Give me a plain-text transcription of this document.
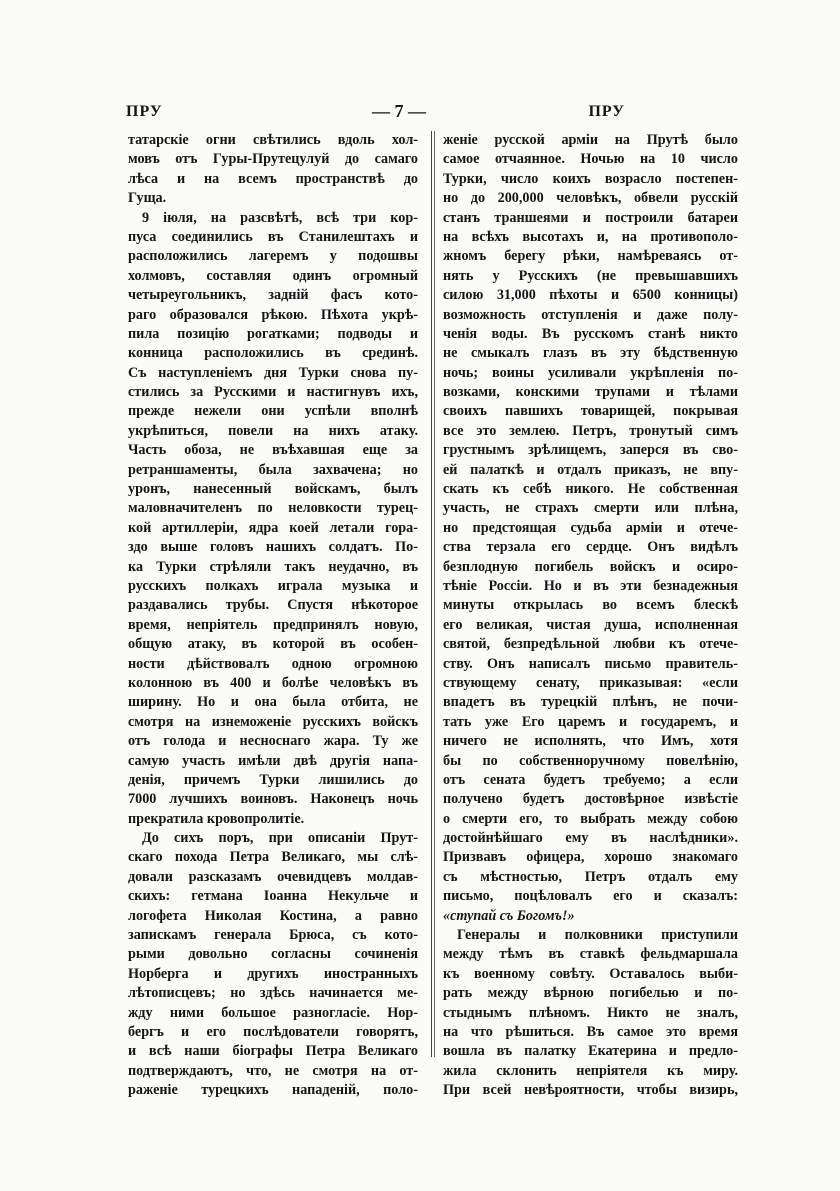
ПРУ	— 7 —	ПРУ
татарскіе огни свѣтились вдоль хол-
мовъ отъ Гуры-Прутецулуй до самаго
лѣса и на всемъ пространствѣ до
Гуща.
9 іюля, на разсвѣтѣ, всѣ три кор-
пуса соединились въ Станилештахъ и
расположились лагеремъ у подошвы
холмовъ, составляя одинъ огромный
четыреугольникъ, задній фасъ кото-
раго образовался рѣкою. Пѣхота укрѣ-
пила позицію рогатками; подводы и
конница расположились въ срединѣ.
Съ наступленіемъ дня Турки снова пу-
стились за Русскими и настигнувъ ихъ,
прежде нежели они успѣли вполнѣ
укрѣпиться, повели на нихъ атаку.
Часть обоза, не въѣхавшая еще за
ретраншаменты, была захвачена; но
уронъ, нанесенный войскамъ, былъ
маловначителенъ по неловкости турец-
кой артиллеріи, ядра коей летали гора-
здо выше головъ нашихъ солдатъ. По-
ка Турки стрѣляли такъ неудачно, въ
русскихъ полкахъ играла музыка и
раздавались трубы. Спустя нѣкоторое
время, непріятель предпринялъ новую,
общую атаку, въ которой въ особен-
ности дѣйствовалъ одною огромною
колонною въ 400 и болѣе человѣкъ въ
ширину. Но и она была отбита, не
смотря на изнеможеніе русскихъ войскъ
отъ голода и несноснаго жара. Ту же
самую участь имѣли двѣ другія напа-
денія, причемъ Турки лишились до
7000 лучшихъ воиновъ. Наконецъ ночь
прекратила кровопролитіе.
До сихъ поръ, при описаніи Прут-
скаго похода Петра Великаго, мы слѣ-
довали разсказамъ очевидцевъ молдав-
скихъ: гетмана Іоанна Некульче и
логофета Николая Костина, а равно
запискамъ генерала Брюса, съ кото-
рыми довольно согласны сочиненія
Норберга и другихъ иностранныхъ
лѣтописцевъ; но здѣсь начинается ме-
жду ними большое разногласіе. Нор-
бергъ и его послѣдователи говорятъ,
и всѣ наши біографы Петра Великаго
подтверждаютъ, что, не смотря на от-
раженіе турецкихъ нападеній, поло-
женіе русской арміи на Прутѣ было
самое отчаянное. Ночью на 10 число
Турки, число коихъ возрасло постепен-
но до 200,000 человѣкъ, обвели русскій
станъ траншеями и построили батареи
на всѣхъ высотахъ и, на противополо-
жномъ берегу рѣки, намѣреваясь от-
нять у Русскихъ (не превышавшихъ
силою 31,000 пѣхоты и 6500 конницы)
возможность отступленія и даже полу-
ченія воды. Въ русскомъ станѣ никто
не смыкалъ глазъ въ эту бѣдственную
ночь; воины усиливали укрѣпленія по-
возками, конскими трупами и тѣлами
своихъ павшихъ товарищей, покрывая
все это землею. Петръ, тронутый симъ
грустнымъ зрѣлищемъ, заперся въ сво-
ей палаткѣ и отдалъ приказъ, не впу-
скать къ себѣ никого. Не собственная
участь, не страхъ смерти или плѣна,
но предстоящая судьба арміи и отече-
ства терзала его сердце. Онъ видѣлъ
безплодную погибель войскъ и осиро-
тѣніе Россіи. Но и въ эти безнадежныя
минуты открылась во всемъ блескѣ
его великая, чистая душа, исполненная
святой, безпредѣльной любви къ отече-
ству. Онъ написалъ письмо правитель-
ствующему сенату, приказывая: «если
впадетъ въ турецкій плѣнъ, не почи-
тать уже Его царемъ и государемъ, и
ничего не исполнять, что Имъ, хотя
бы по собственноручному повелѣнію,
отъ сената будетъ требуемо; а если
получено будетъ достовѣрное извѣстіе
о смерти его, то выбрать между собою
достойнѣйшаго ему въ наслѣдники».
Призвавъ офицера, хорошо знакомаго
съ мѣстностью, Петръ отдалъ ему
письмо, поцѣловалъ его и сказалъ:
«ступай съ Богомъ!»
Генералы и полковники приступили
между тѣмъ въ ставкѣ фельдмаршала
къ военному совѣту. Оставалось выби-
рать между вѣрною погибелью и по-
стыднымъ плѣномъ. Никто не зналъ,
на что рѣшиться. Въ самое это время
вошла въ палатку Екатерина и предло-
жила склонить непріятеля къ миру.
При всей невѣроятности, чтобы визирь,
